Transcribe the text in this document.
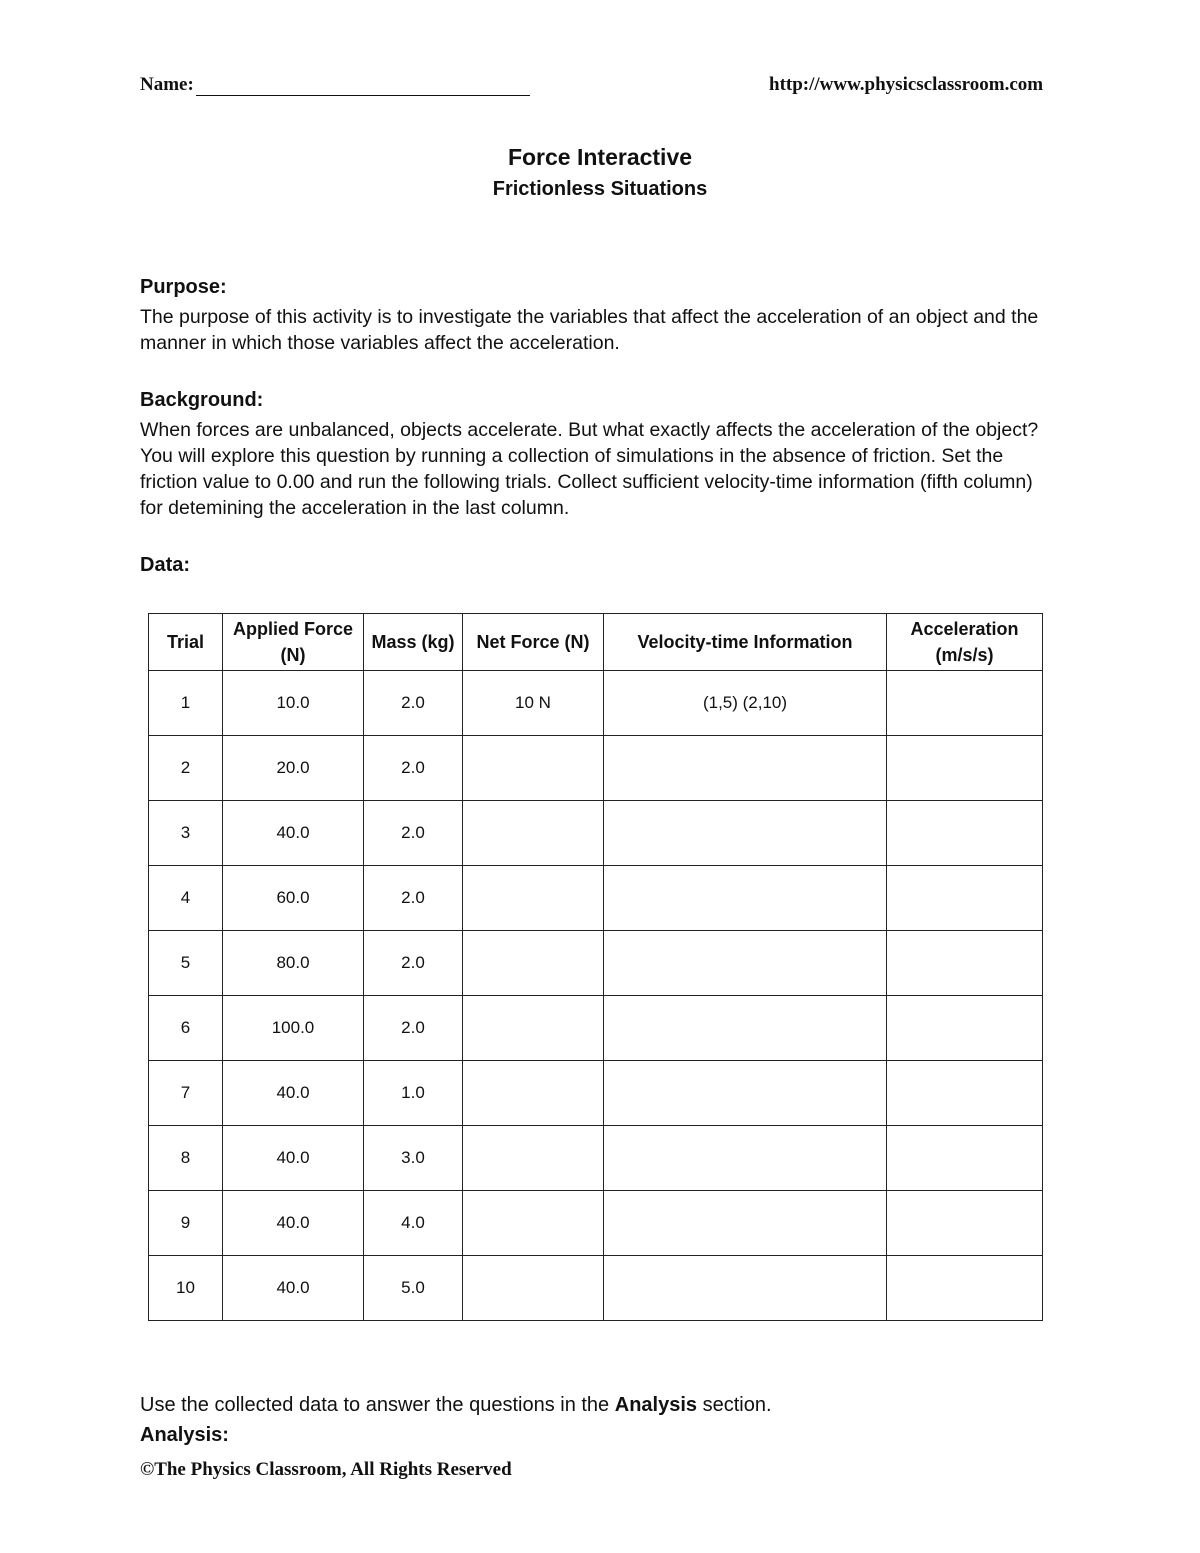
Name:	http://www.physicsclassroom.com
Force Interactive
Frictionless Situations
Purpose:
The purpose of this activity is to investigate the variables that affect the acceleration of an object and the manner in which those variables affect the acceleration.
Background:
When forces are unbalanced, objects accelerate. But what exactly affects the acceleration of the object? You will explore this question by running a collection of simulations in the absence of friction. Set the friction value to 0.00 and run the following trials. Collect sufficient velocity-time information (fifth column) for detemining the acceleration in the last column.
Data:
Trial	Applied Force (N)	Mass (kg)	Net Force (N)	Velocity-time Information	Acceleration (m/s/s)
1	10.0	2.0	10 N	(1,5) (2,10)	
2	20.0	2.0			
3	40.0	2.0			
4	60.0	2.0			
5	80.0	2.0			
6	100.0	2.0			
7	40.0	1.0			
8	40.0	3.0			
9	40.0	4.0			
10	40.0	5.0			
Use the collected data to answer the questions in the Analysis section.
Analysis:
©The Physics Classroom, All Rights Reserved
